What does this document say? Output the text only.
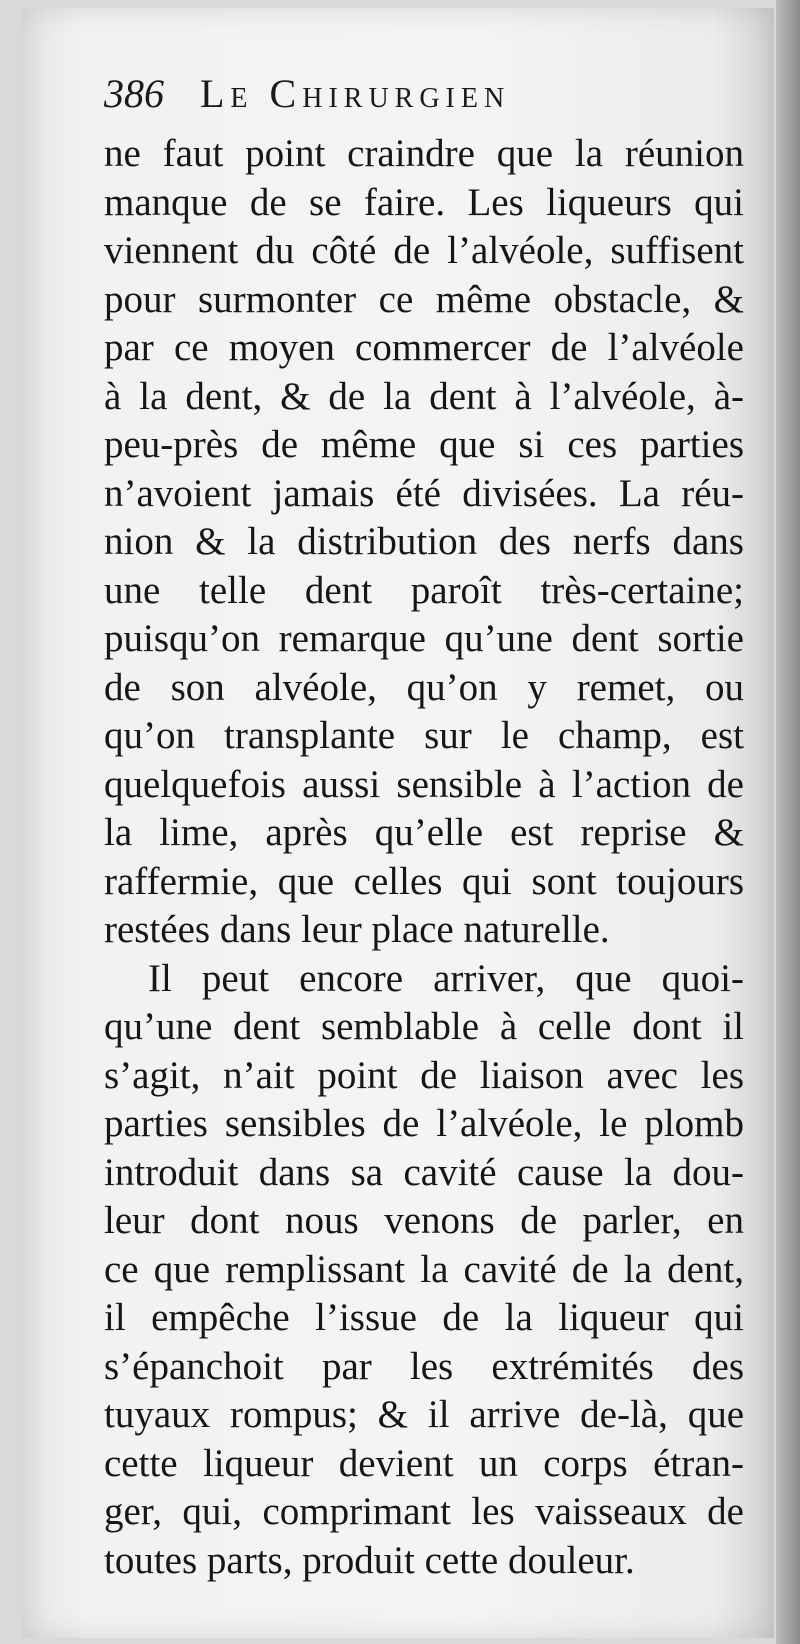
386 Le Chirurgien
ne faut point craindre que la réunion
manque de se faire. Les liqueurs qui
viennent du côté de l’alvéole, suffisent
pour surmonter ce même obstacle, &
par ce moyen commercer de l’alvéole
à la dent, & de la dent à l’alvéole, à-
peu-près de même que si ces parties
n’avoient jamais été divisées. La réu-
nion & la distribution des nerfs dans
une telle dent paroît très-certaine;
puisqu’on remarque qu’une dent sortie
de son alvéole, qu’on y remet, ou
qu’on transplante sur le champ, est
quelquefois aussi sensible à l’action de
la lime, après qu’elle est reprise &
raffermie, que celles qui sont toujours
restées dans leur place naturelle.
Il peut encore arriver, que quoi-
qu’une dent semblable à celle dont il
s’agit, n’ait point de liaison avec les
parties sensibles de l’alvéole, le plomb
introduit dans sa cavité cause la dou-
leur dont nous venons de parler, en
ce que remplissant la cavité de la dent,
il empêche l’issue de la liqueur qui
s’épanchoit par les extrémités des
tuyaux rompus; & il arrive de-là, que
cette liqueur devient un corps étran-
ger, qui, comprimant les vaisseaux de
toutes parts, produit cette douleur.
